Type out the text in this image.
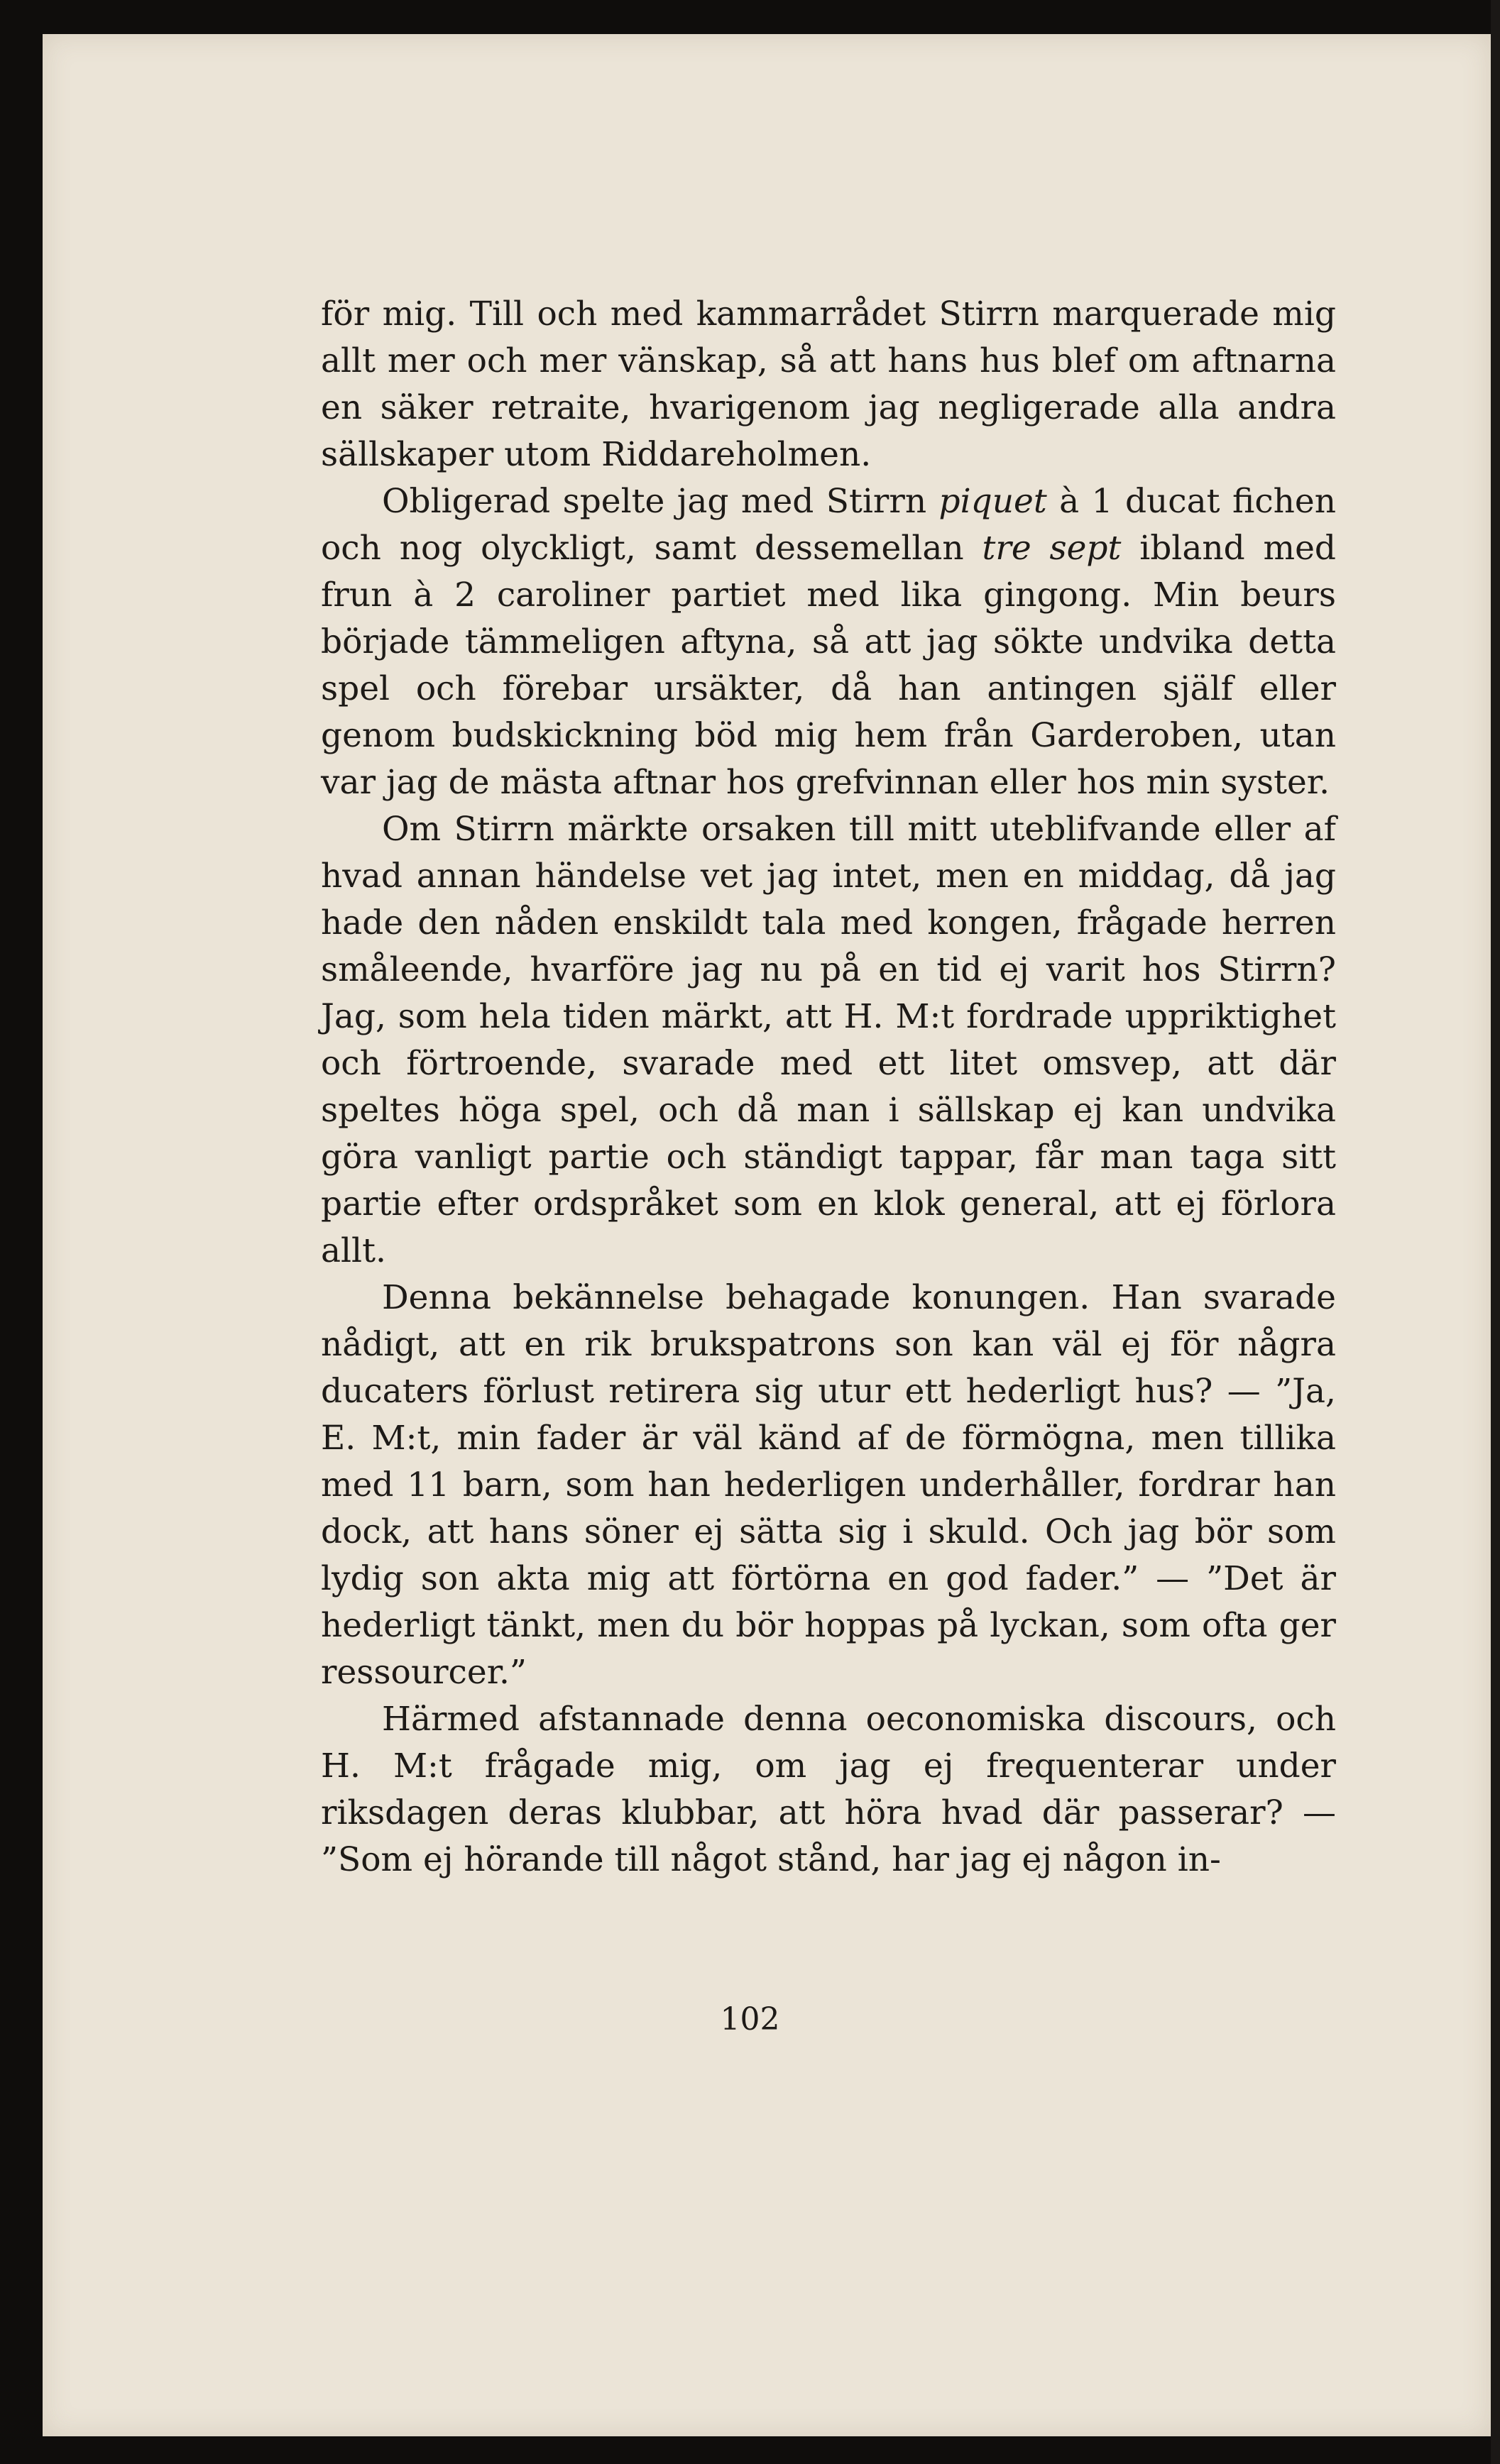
för mig. Till och med kammarrådet Stirrn marquerade mig allt mer och mer vänskap, så att hans hus blef om aftnarna en säker retraite, hvarigenom jag negligerade alla andra sällskaper utom Riddareholmen.

Obligerad spelte jag med Stirrn piquet à 1 ducat fichen och nog olyckligt, samt dessemellan tre sept ibland med frun à 2 caroliner partiet med lika gingong. Min beurs började tämmeligen aftyna, så att jag sökte undvika detta spel och förebar ursäkter, då han antingen själf eller genom budskickning böd mig hem från Garderoben, utan var jag de mästa aftnar hos grefvinnan eller hos min syster.

Om Stirrn märkte orsaken till mitt uteblifvande eller af hvad annan händelse vet jag intet, men en middag, då jag hade den nåden enskildt tala med kongen, frågade herren småleende, hvarföre jag nu på en tid ej varit hos Stirrn? Jag, som hela tiden märkt, att H. M:t fordrade uppriktighet och förtroende, svarade med ett litet omsvep, att där speltes höga spel, och då man i sällskap ej kan undvika göra vanligt partie och ständigt tappar, får man taga sitt partie efter ordspråket som en klok general, att ej förlora allt.

Denna bekännelse behagade konungen. Han svarade nådigt, att en rik brukspatrons son kan väl ej för några ducaters förlust retirera sig utur ett hederligt hus? — ”Ja, E. M:t, min fader är väl känd af de förmögna, men tillika med 11 barn, som han hederligen underhåller, fordrar han dock, att hans söner ej sätta sig i skuld. Och jag bör som lydig son akta mig att förtörna en god fader.” — ”Det är hederligt tänkt, men du bör hoppas på lyckan, som ofta ger ressourcer.”

Härmed afstannade denna oeconomiska discours, och H. M:t frågade mig, om jag ej frequenterar under riksdagen deras klubbar, att höra hvad där passerar? — ”Som ej hörande till något stånd, har jag ej någon in-

102
